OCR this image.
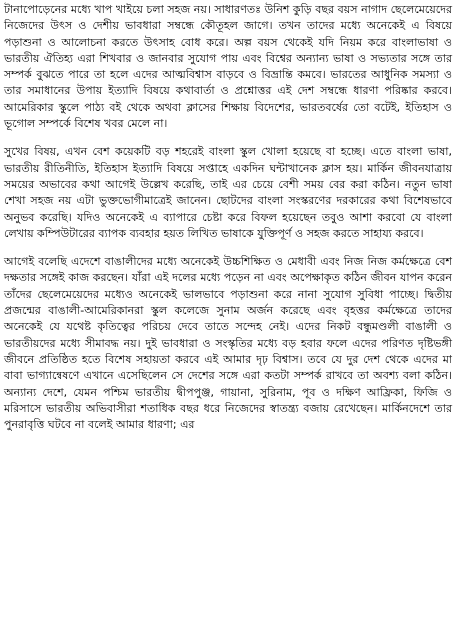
টানাপোড়েনের মধ্যে খাপ খাইয়ে চলা সহজ নয়। সাধারণতঃ উনিশ কুড়ি বছর বয়স নাগাদ ছেলেমেয়েদের নিজেদের উৎস ও দেশীয় ভাবধারা সম্বন্ধে কৌতূহল জাগে। তখন তাদের মধ্যে অনেকেই এ বিষয়ে পড়াশুনা ও আলোচনা করতে উৎসাহ বোধ করে। অল্প বয়স থেকেই যদি নিয়ম করে বাংলাভাষা ও ভারতীয় ঐতিহ্য এরা শিখবার ও জানবার সুযোগ পায় এবং বিশ্বের অন্যান্য ভাষা ও সভ্যতার সঙ্গে তার সম্পর্ক বুঝতে পারে তা হলে এদের আত্মবিশ্বাস বাড়বে ও বিভ্রান্তি কমবে। ভারতের আধুনিক সমস্যা ও তার সমাধানের উপায় ইত্যাদি বিষয়ে কথাবার্তা ও প্রশ্নোত্তর এই দেশ সম্বন্ধে ধারণা পরিষ্কার করবে। আমেরিকার স্কুলে পাঠ্য বই থেকে অথবা ক্লাসের শিক্ষায় বিদেশের, ভারতবর্ষের তো বটেই, ইতিহাস ও ভূগোল সম্পর্কে বিশেষ খবর মেলে না।

সুখের বিষয়, এখন বেশ কয়েকটি বড় শহরেই বাংলা স্কুল খোলা হয়েছে বা হচ্ছে। এতে বাংলা ভাষা, ভারতীয় রীতিনীতি, ইতিহাস ইত্যাদি বিষয়ে সপ্তাহে একদিন ঘন্টাখানেক ক্লাস হয়। মার্কিন জীবনযাত্রায় সময়ের অভাবের কথা আগেই উল্লেখ করেছি, তাই এর চেয়ে বেশী সময় বের করা কঠিন। নতুন ভাষা শেখা সহজ নয় এটা ভুক্তভোগীমাত্রেই জানেন। ছোটদের বাংলা সংস্করণের দরকারের কথা বিশেষভাবে অনুভব করেছি। যদিও অনেকেই এ ব্যাপারে চেষ্টা করে বিফল হয়েছেন তবুও আশা করবো যে বাংলা লেখায় কম্পিউটারের ব্যাপক ব্যবহার হয়ত লিখিত ভাষাকে যুক্তিপূর্ণ ও সহজ করতে সাহায্য করবে।

আগেই বলেছি এদেশে বাঙালীদের মধ্যে অনেকেই উচ্চশিক্ষিত ও মেধাবী এবং নিজ নিজ কর্মক্ষেত্রে বেশ দক্ষতার সঙ্গেই কাজ করছেন। যাঁরা এই দলের মধ্যে পড়েন না এবং অপেক্ষাকৃত কঠিন জীবন যাপন করেন তাঁদের ছেলেমেয়েদের মধ্যেও অনেকেই ভালভাবে পড়াশুনা করে নানা সুযোগ সুবিধা পাচ্ছে। দ্বিতীয় প্রজন্মের বাঙালী-আমেরিকানরা স্কুল কলেজে সুনাম অর্জন করেছে এবং বৃহত্তর কর্মক্ষেত্রে তাদের অনেকেই যে যথেষ্ট কৃতিত্বের পরিচয় দেবে তাতে সন্দেহ নেই। এদের নিকট বন্ধুমণ্ডলী বাঙালী ও ভারতীয়দের মধ্যে সীমাবদ্ধ নয়। দুই ভাবধারা ও সংস্কৃতির মধ্যে বড় হবার ফলে এদের পরিণত দৃষ্টিভঙ্গী জীবনে প্রতিষ্ঠিত হতে বিশেষ সহায়তা করবে এই আমার দৃঢ় বিশ্বাস। তবে যে দুর দেশ থেকে এদের মা বাবা ভাগ্যান্বেষণে এখানে এসেছিলেন সে দেশের সঙ্গে এরা কতটা সম্পর্ক রাখবে তা অবশ্য বলা কঠিন। অন্যান্য দেশে, যেমন পশ্চিম ভারতীয় দ্বীপপুঞ্জ, গায়ানা, সুরিনাম, পূব ও দক্ষিণ আফ্রিকা, ফিজি ও মরিসাসে ভারতীয় অভিবাসীরা শতাধিক বছর ধরে নিজেদের স্বাতন্ত্র্য বজায় রেখেছেন। মার্কিনদেশে তার পুনরাবৃত্তি ঘটবে না বলেই আমার ধারণা; এর
